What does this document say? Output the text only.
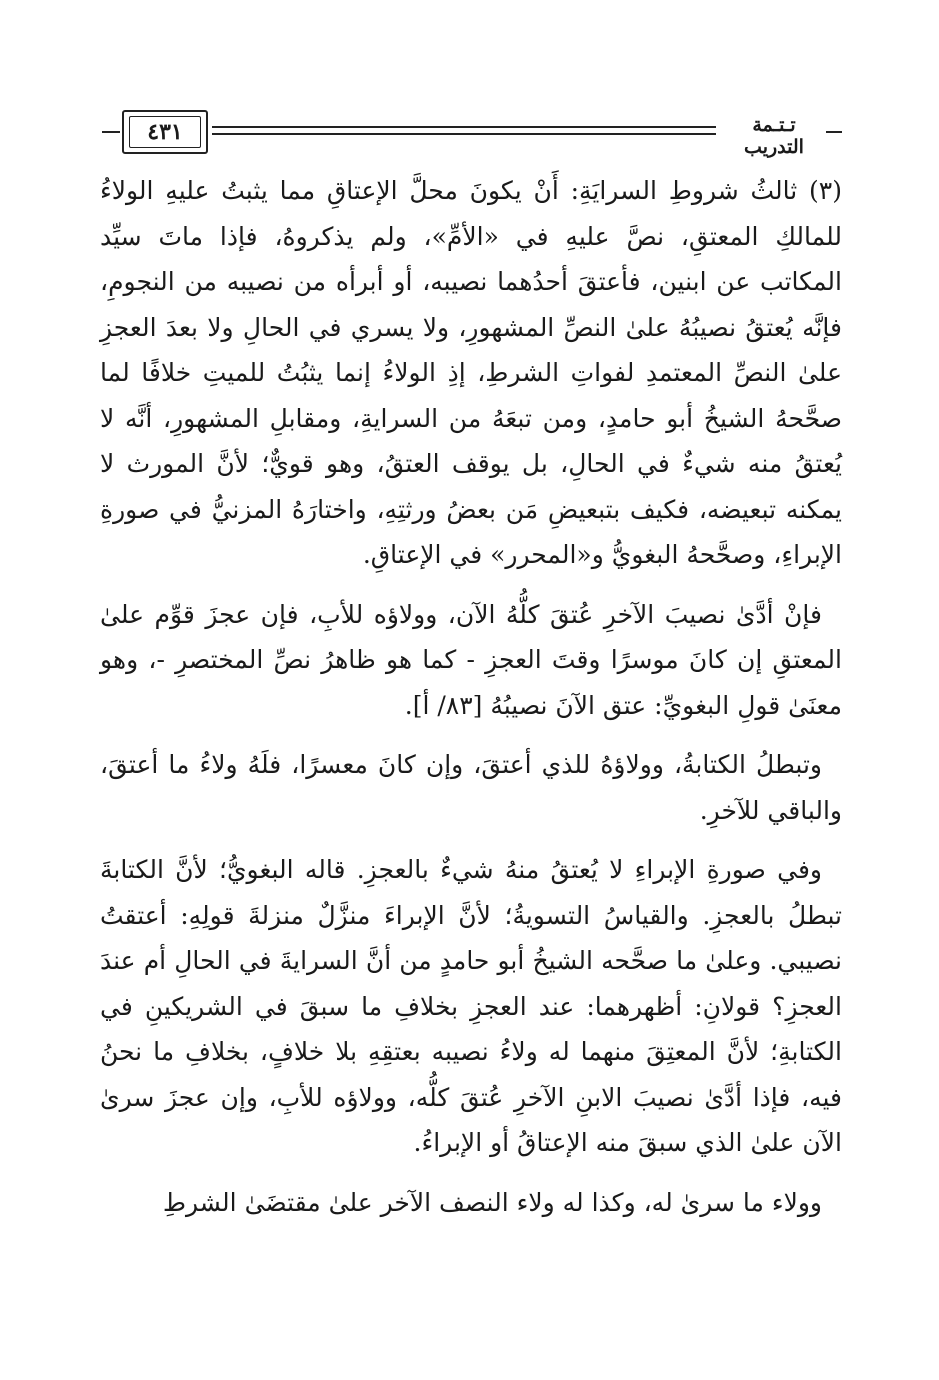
٤٣١	تـتـمة التدريب

(٣) ثالثُ شروطِ السرايَةِ: أَنْ يكونَ محلَّ الإعتاقِ مما يثبتُ عليهِ الولاءُ للمالكِ المعتقِ، نصَّ عليهِ في «الأمِّ»، ولم يذكروهُ، فإذا ماتَ سيِّد المكاتب عن ابنين، فأعتقَ أحدُهما نصيبه، أو أبرأه من نصيبه من النجومِ، فإنَّه يُعتقُ نصيبُهُ علىٰ النصِّ المشهورِ، ولا يسري في الحالِ ولا بعدَ العجزِ علىٰ النصِّ المعتمدِ لفواتِ الشرطِ، إذِ الولاءُ إنما يثبُتُ للميتِ خلافًا لما صحَّحهُ الشيخُ أبو حامدٍ، ومن تبعَهُ من السرايةِ، ومقابلِ المشهورِ، أنَّه لا يُعتقُ منه شيءٌ في الحالِ، بل يوقف العتقُ، وهو قويٌّ؛ لأنَّ المورث لا يمكنه تبعيضه، فكيف بتبعيضِ مَن بعضُ ورثتِهِ، واختارَهُ المزنيُّ في صورةِ الإبراءِ، وصحَّحهُ البغويُّ و«المحرر» في الإعتاقِ.

فإنْ أدَّىٰ نصيبَ الآخرِ عُتقَ كلُّهُ الآن، وولاؤه للأبِ، فإن عجزَ قوِّم علىٰ المعتقِ إن كانَ موسرًا وقتَ العجزِ - كما هو ظاهرُ نصِّ المختصرِ -، وهو معنَىٰ قولِ البغويِّ: عتق الآنَ نصيبُهُ [٨٣/ أ].

وتبطلُ الكتابةُ، وولاؤهُ للذي أعتقَ، وإن كانَ معسرًا، فلَهُ ولاءُ ما أعتقَ، والباقي للآخرِ.

وفي صورةِ الإبراءِ لا يُعتقُ منهُ شيءٌ بالعجزِ. قاله البغويُّ؛ لأنَّ الكتابةَ تبطلُ بالعجزِ. والقياسُ التسويةُ؛ لأنَّ الإبراءَ منزَّلٌ منزلةَ قولِهِ: أعتقتُ نصيبي. وعلىٰ ما صحَّحه الشيخُ أبو حامدٍ من أنَّ السرايةَ في الحالِ أم عندَ العجزِ؟ قولانِ: أظهرهما: عند العجزِ بخلافِ ما سبقَ في الشريكينِ في الكتابةِ؛ لأنَّ المعتِقَ منهما له ولاءُ نصيبه بعتقِهِ بلا خلافٍ، بخلافِ ما نحنُ فيه، فإذا أدَّىٰ نصيبَ الابنِ الآخرِ عُتقَ كلُّه، وولاؤه للأبِ، وإن عجزَ سرىٰ الآن علىٰ الذي سبقَ منه الإعتاقُ أو الإبراءُ.

وولاء ما سرىٰ له، وكذا له ولاء النصف الآخر علىٰ مقتضَىٰ الشرطِ
